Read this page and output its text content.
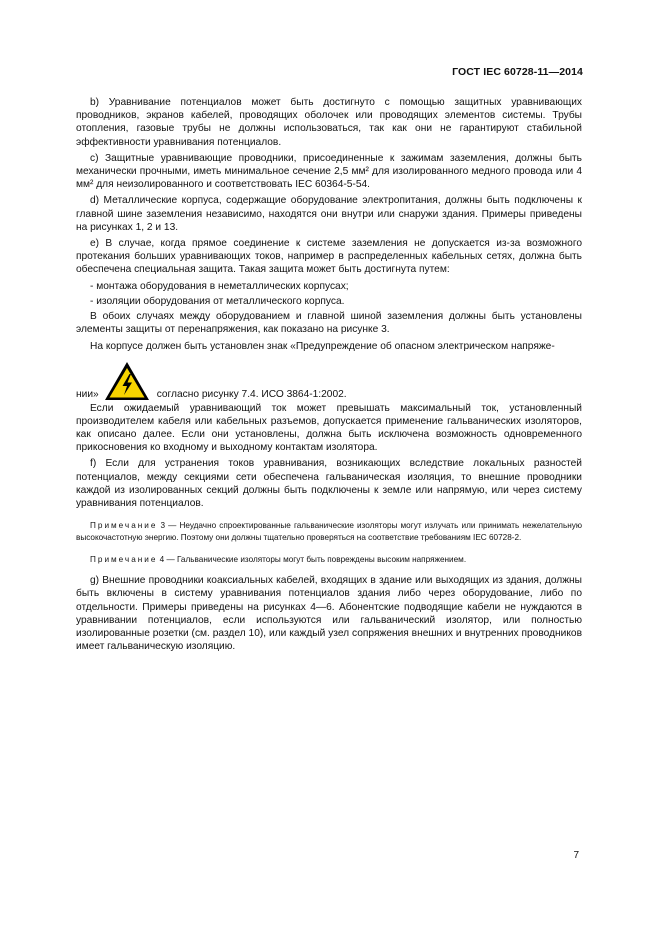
ГОСТ IEC 60728-11—2014

b) Уравнивание потенциалов может быть достигнуто с помощью защитных уравнивающих проводников, экранов кабелей, проводящих оболочек или проводящих элементов системы. Трубы отопления, газовые трубы не должны использоваться, так как они не гарантируют стабильной эффективности уравнивания потенциалов.

c) Защитные уравнивающие проводники, присоединенные к зажимам заземления, должны быть механически прочными, иметь минимальное сечение 2,5 мм² для изолированного медного провода или 4 мм² для неизолированного и соответствовать IEC 60364-5-54.

d) Металлические корпуса, содержащие оборудование электропитания, должны быть подключены к главной шине заземления независимо, находятся они внутри или снаружи здания. Примеры приведены на рисунках 1, 2 и 13.

e) В случае, когда прямое соединение к системе заземления не допускается из-за возможного протекания больших уравнивающих токов, например в распределенных кабельных сетях, должна быть обеспечена специальная защита. Такая защита может быть достигнута путем:

- монтажа оборудования в неметаллических корпусах;

- изоляции оборудования от металлического корпуса.

В обоих случаях между оборудованием и главной шиной заземления должны быть установлены элементы защиты от перенапряжения, как показано на рисунке 3.

На корпусе должен быть установлен знак «Предупреждение об опасном электрическом напряже-

нии»	согласно рисунку 7.4. ИСО 3864-1:2002.

Если ожидаемый уравнивающий ток может превышать максимальный ток, установленный производителем кабеля или кабельных разъемов, допускается применение гальванических изоляторов, как описано далее. Если они установлены, должна быть исключена возможность одновременного прикосновения ко входному и выходному контактам изолятора.

f) Если для устранения токов уравнивания, возникающих вследствие локальных разностей потенциалов, между секциями сети обеспечена гальваническая изоляция, то внешние проводники каждой из изолированных секций должны быть подключены к земле или напрямую, или через систему уравнивания потенциалов.

Примечание 3 — Неудачно спроектированные гальванические изоляторы могут излучать или принимать нежелательную высокочастотную энергию. Поэтому они должны тщательно проверяться на соответствие требованиям IEC 60728-2.

Примечание 4 — Гальванические изоляторы могут быть повреждены высоким напряжением.

g) Внешние проводники коаксиальных кабелей, входящих в здание или выходящих из здания, должны быть включены в систему уравнивания потенциалов здания либо через оборудование, либо по отдельности. Примеры приведены на рисунках 4—6. Абонентские подводящие кабели не нуждаются в уравнивании потенциалов, если используются или гальванический изолятор, или полностью изолированные розетки (см. раздел 10), или каждый узел сопряжения внешних и внутренних проводников имеет гальваническую изоляцию.

7
